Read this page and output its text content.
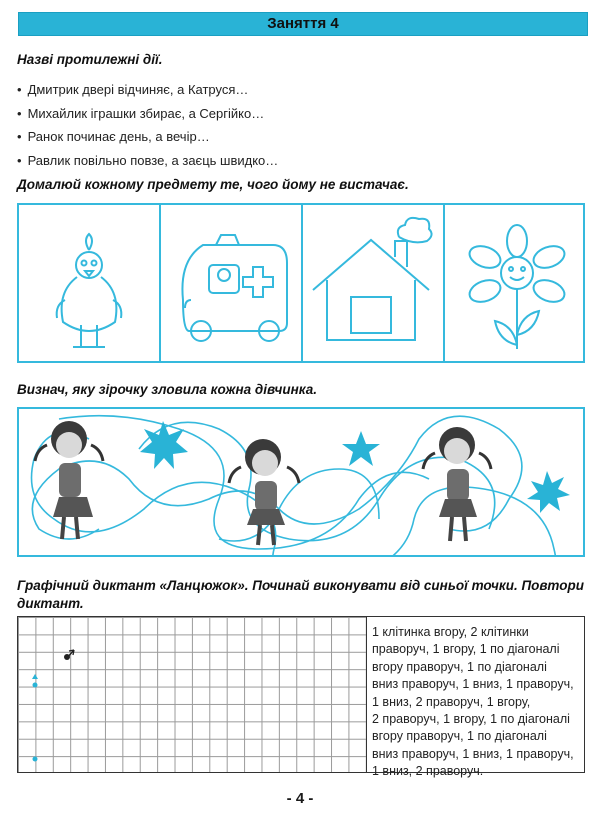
Заняття 4
Назві протилежні дії.
• Дмитрик двері відчиняє, а Катруся…
• Михайлик іграшки збирає, а Сергійко…
• Ранок починає день, а вечір…
• Равлик повільно повзе, а заєць швидко…
Домалюй кожному предмету те, чого йому не вистачає.
Визнач, яку зірочку зловила кожна дівчинка.
Графічний диктант «Ланцюжок». Починай виконувати від синьої точки. Повтори
диктант.
1 клітинка вгору, 2 клітинки
праворуч, 1 вгору, 1 по діагоналі
вгору праворуч, 1 по діагоналі
вниз праворуч, 1 вниз, 1 праворуч,
1 вниз, 2 праворуч, 1 вгору,
2 праворуч, 1 вгору, 1 по діагоналі
вгору праворуч, 1 по діагоналі
вниз праворуч, 1 вниз, 1 праворуч,
1 вниз, 2 праворуч.
- 4 -
